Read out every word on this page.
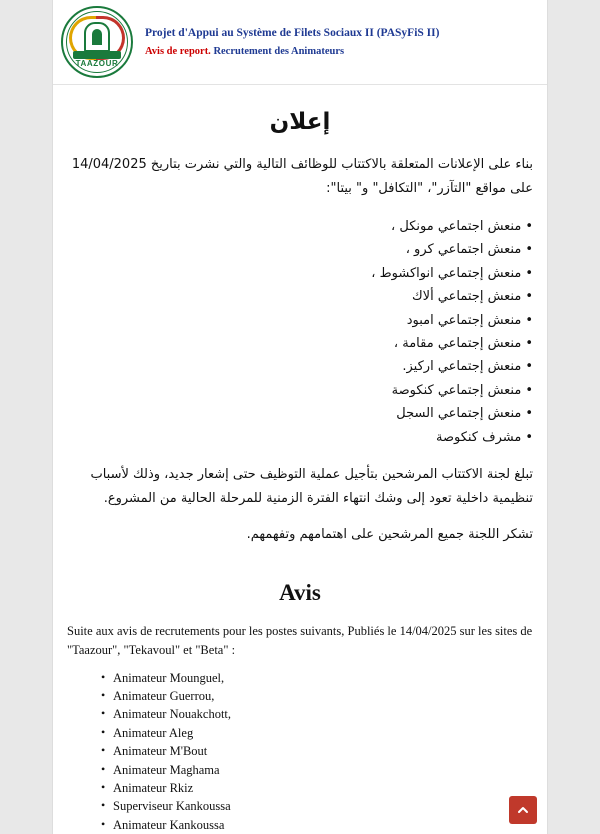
TAAZOUR
Projet d'Appui au Système de Filets Sociaux II (PASyFiS II)
Avis de report. Recrutement des Animateurs
إعلان

بناء على الإعلانات المتعلقة بالاكتتاب للوظائف التالية والتي نشرت بتاريخ 14/04/2025 على مواقع "التآزر"، "التكافل" و" بيتا":

•منعش اجتماعي مونكل ،
•منعش اجتماعي كرو ،
•منعش إجتماعي انواكشوط ،
•منعش إجتماعي ألاك
•منعش إجتماعي امبود
•منعش إجتماعي مقامة ،
•منعش إجتماعي اركيز.
•منعش إجتماعي كنكوصة
•منعش إجتماعي السجل
•مشرف كنكوصة

تبلغ لجنة الاكتتاب المرشحين بتأجيل عملية التوظيف حتى إشعار جديد، وذلك لأسباب تنظيمية داخلية تعود إلى وشك انتهاء الفترة الزمنية للمرحلة الحالية من المشروع.

تشكر اللجنة جميع المرشحين على اهتمامهم وتفهمهم.

Avis

Suite aux avis de recrutements pour les postes suivants, Publiés le 14/04/2025 sur les sites de "Taazour", "Tekavoul" et "Beta" :

• Animateur Mounguel,
• Animateur Guerrou,
• Animateur Nouakchott,
• Animateur Aleg
• Animateur M'Bout
• Animateur Maghama
• Animateur Rkiz
• Superviseur Kankoussa
• Animateur Kankoussa
